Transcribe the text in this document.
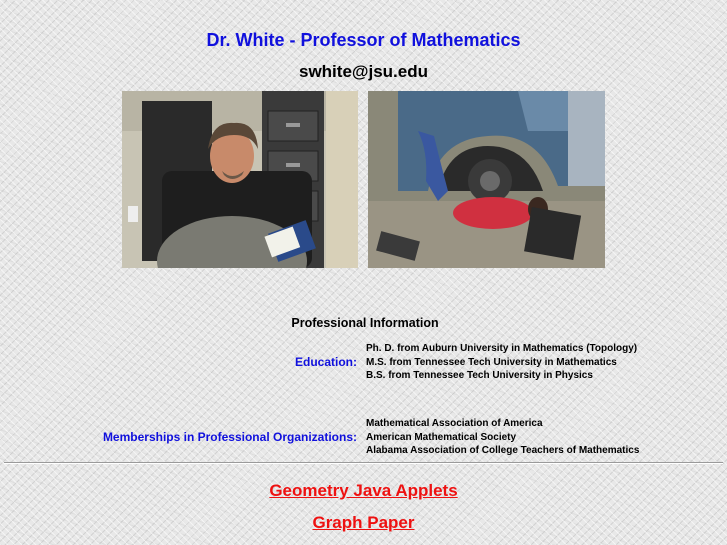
Dr. White - Professor of Mathematics
swhite@jsu.edu
Professional Information
Education:
Ph. D. from Auburn University in Mathematics (Topology)
M.S. from Tennessee Tech University in Mathematics
B.S. from Tennessee Tech University in Physics
Memberships in Professional Organizations:
Mathematical Association of America
American Mathematical Society
Alabama Association of College Teachers of Mathematics
Geometry Java Applets
Graph Paper
